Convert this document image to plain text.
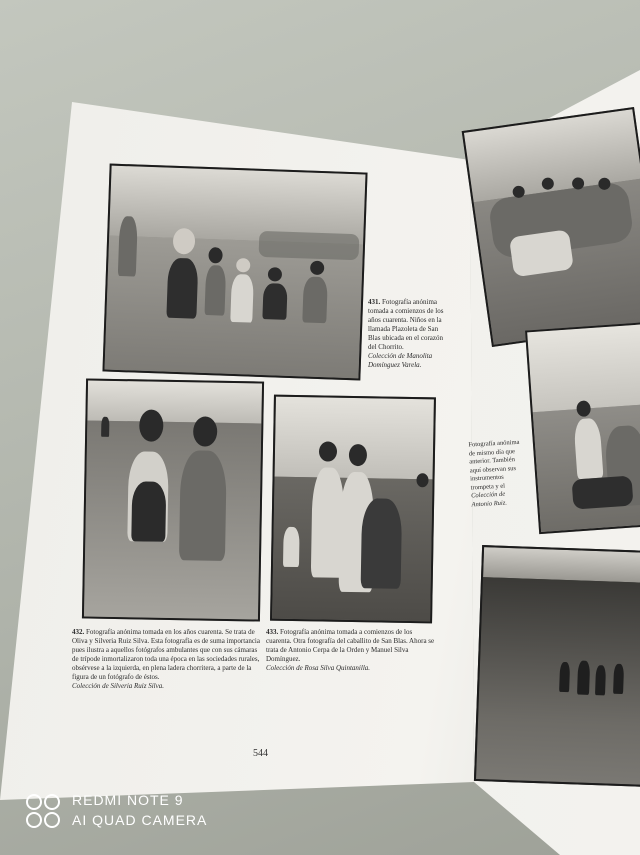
431. Fotografía anónima tomada a comienzos de los años cuarenta. Niños en la llamada Plazoleta de San Blas ubicada en el corazón del Chorrito.
Colección de Manolita Domínguez Varela.
432. Fotografía anónima tomada en los años cuarenta. Se trata de Oliva y Silveria Ruiz Silva. Esta fotografía es de suma importancia pues ilustra a aquellos fotógrafos ambulantes que con sus cámaras de trípode inmortalizaron toda una época en las sociedades rurales, obsérvese a la izquierda, en plena ladera chorritera, a parte de la figura de un fotógrafo de éstos.
Colección de Silveria Ruiz Silva.
433. Fotografía anónima tomada a comienzos de los cuarenta. Otra fotografía del caballito de San Blas. Ahora se trata de Antonio Cerpa de la Orden y Manuel Silva Domínguez.
Colección de Rosa Silva Quintanilla.
Fotografía anónima de mismo día que anterior. También aquí observan sus instrumentos trompeta y el
Colección de Antonio Ruiz.
544
REDMI NOTE 9
AI QUAD CAMERA
